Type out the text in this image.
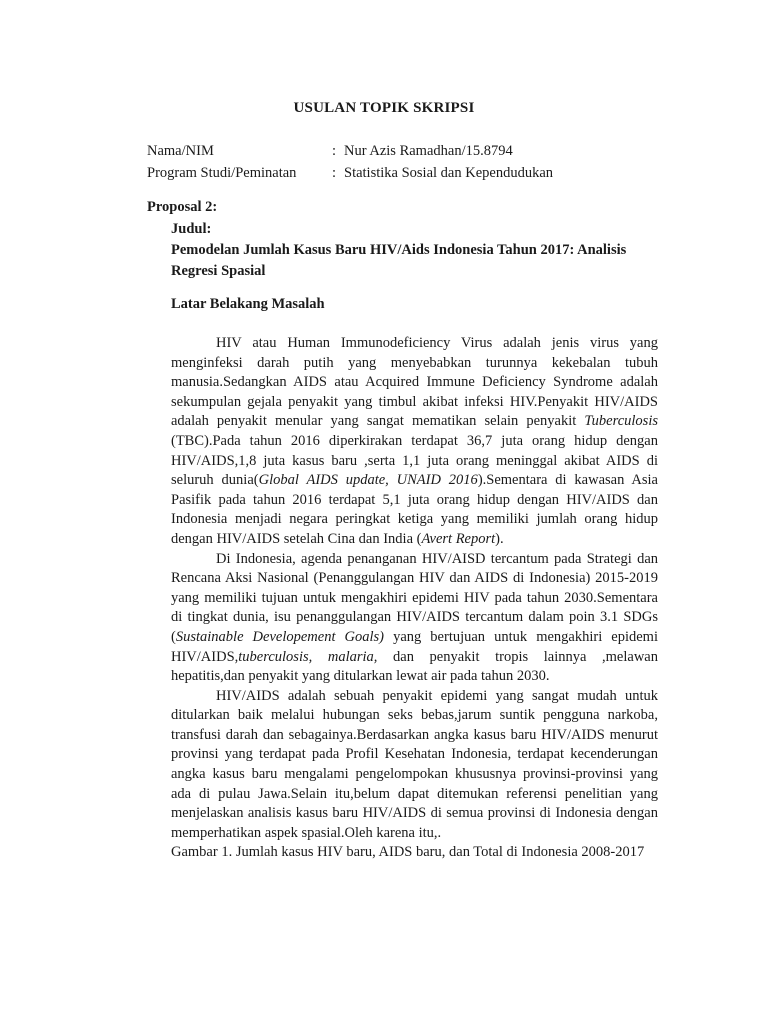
USULAN TOPIK SKRIPSI
Nama/NIM	: Nur Azis Ramadhan/15.8794
Program Studi/Peminatan	: Statistika Sosial dan Kependudukan
Proposal 2:
Judul:
Pemodelan Jumlah Kasus Baru HIV/Aids Indonesia Tahun 2017: Analisis Regresi Spasial
Latar Belakang Masalah

HIV atau Human Immunodeficiency Virus adalah jenis virus yang menginfeksi darah putih yang menyebabkan turunnya kekebalan tubuh manusia.Sedangkan AIDS atau Acquired Immune Deficiency Syndrome adalah sekumpulan gejala penyakit yang timbul akibat infeksi HIV.Penyakit HIV/AIDS adalah penyakit menular yang sangat mematikan selain penyakit Tuberculosis (TBC).Pada tahun 2016 diperkirakan terdapat 36,7 juta orang hidup dengan HIV/AIDS,1,8 juta kasus baru ,serta 1,1 juta orang meninggal akibat AIDS di seluruh dunia(Global AIDS update, UNAID 2016).Sementara di kawasan Asia Pasifik pada tahun 2016 terdapat 5,1 juta orang hidup dengan HIV/AIDS dan Indonesia menjadi negara peringkat ketiga yang memiliki jumlah orang hidup dengan HIV/AIDS setelah Cina dan India (Avert Report).

Di Indonesia, agenda penanganan HIV/AISD tercantum pada Strategi dan Rencana Aksi Nasional (Penanggulangan HIV dan AIDS di Indonesia) 2015-2019 yang memiliki tujuan untuk mengakhiri epidemi HIV pada tahun 2030.Sementara di tingkat dunia, isu penanggulangan HIV/AIDS tercantum dalam poin 3.1 SDGs (Sustainable Developement Goals) yang bertujuan untuk mengakhiri epidemi HIV/AIDS,tuberculosis, malaria, dan penyakit tropis lainnya ,melawan hepatitis,dan penyakit yang ditularkan lewat air pada tahun 2030.

HIV/AIDS adalah sebuah penyakit epidemi yang sangat mudah untuk ditularkan baik melalui hubungan seks bebas,jarum suntik pengguna narkoba, transfusi darah dan sebagainya.Berdasarkan angka kasus baru HIV/AIDS menurut provinsi yang terdapat pada Profil Kesehatan Indonesia, terdapat kecenderungan angka kasus baru mengalami pengelompokan khususnya provinsi-provinsi yang ada di pulau Jawa.Selain itu,belum dapat ditemukan referensi penelitian yang menjelaskan analisis kasus baru HIV/AIDS di semua provinsi di Indonesia dengan memperhatikan aspek spasial.Oleh karena itu,.

Gambar 1. Jumlah kasus HIV baru, AIDS baru, dan Total di Indonesia 2008-2017
